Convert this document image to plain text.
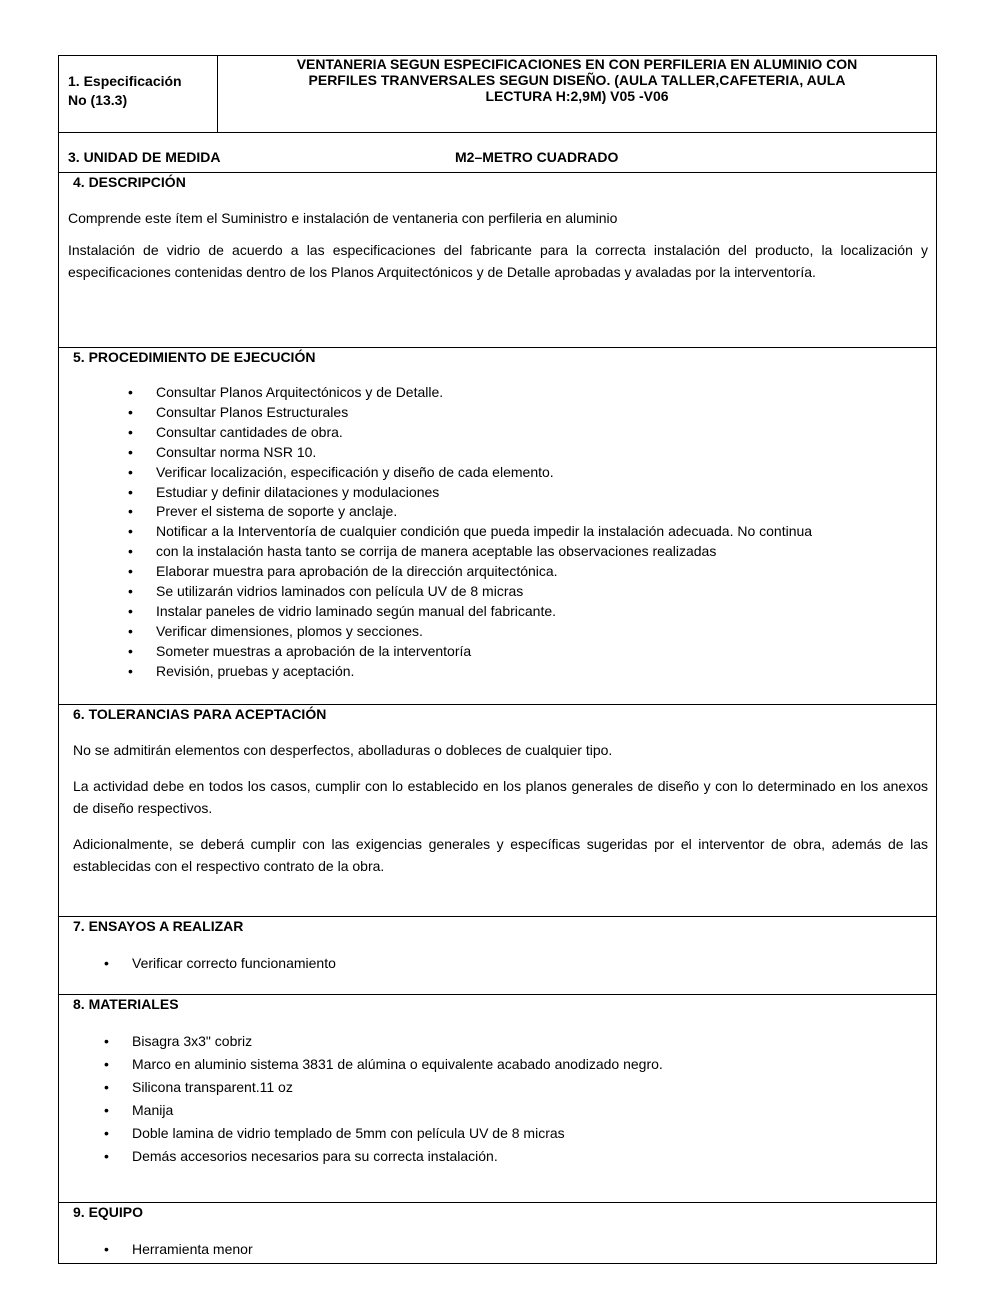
1. Especificación
No (13.3)
VENTANERIA SEGUN ESPECIFICACIONES EN CON PERFILERIA EN ALUMINIO CON
PERFILES TRANVERSALES SEGUN DISEÑO. (AULA TALLER,CAFETERIA, AULA
LECTURA H:2,9M) V05 -V06
3. UNIDAD DE MEDIDA	M2–METRO CUADRADO
4. DESCRIPCIÓN

Comprende este ítem el Suministro e instalación de ventaneria con perfileria en aluminio

Instalación de vidrio de acuerdo a las especificaciones del fabricante para la correcta instalación del producto, la localización y especificaciones contenidas dentro de los Planos Arquitectónicos y de Detalle aprobadas y avaladas por la interventoría.

5. PROCEDIMIENTO DE EJECUCIÓN
• Consultar Planos Arquitectónicos y de Detalle.
• Consultar Planos Estructurales
• Consultar cantidades de obra.
• Consultar norma NSR 10.
• Verificar localización, especificación y diseño de cada elemento.
• Estudiar y definir dilataciones y modulaciones
• Prever el sistema de soporte y anclaje.
• Notificar a la Interventoría de cualquier condición que pueda impedir la instalación adecuada. No continua
• con la instalación hasta tanto se corrija de manera aceptable las observaciones realizadas
• Elaborar muestra para aprobación de la dirección arquitectónica.
• Se utilizarán vidrios laminados con película UV de 8 micras
• Instalar paneles de vidrio laminado según manual del fabricante.
• Verificar dimensiones, plomos y secciones.
• Someter muestras a aprobación de la interventoría
• Revisión, pruebas y aceptación.
6. TOLERANCIAS PARA ACEPTACIÓN

No se admitirán elementos con desperfectos, abolladuras o dobleces de cualquier tipo.

La actividad debe en todos los casos, cumplir con lo establecido en los planos generales de diseño y con lo determinado en los anexos de diseño respectivos.

Adicionalmente, se deberá cumplir con las exigencias generales y específicas sugeridas por el interventor de obra, además de las establecidas con el respectivo contrato de la obra.

7. ENSAYOS A REALIZAR
• Verificar correcto funcionamiento
8. MATERIALES
• Bisagra 3x3" cobriz
• Marco en aluminio sistema 3831 de alúmina o equivalente acabado anodizado negro.
• Silicona transparent.11 oz
• Manija
• Doble lamina de vidrio templado de 5mm con película UV de 8 micras
• Demás accesorios necesarios para su correcta instalación.
9. EQUIPO
• Herramienta menor
